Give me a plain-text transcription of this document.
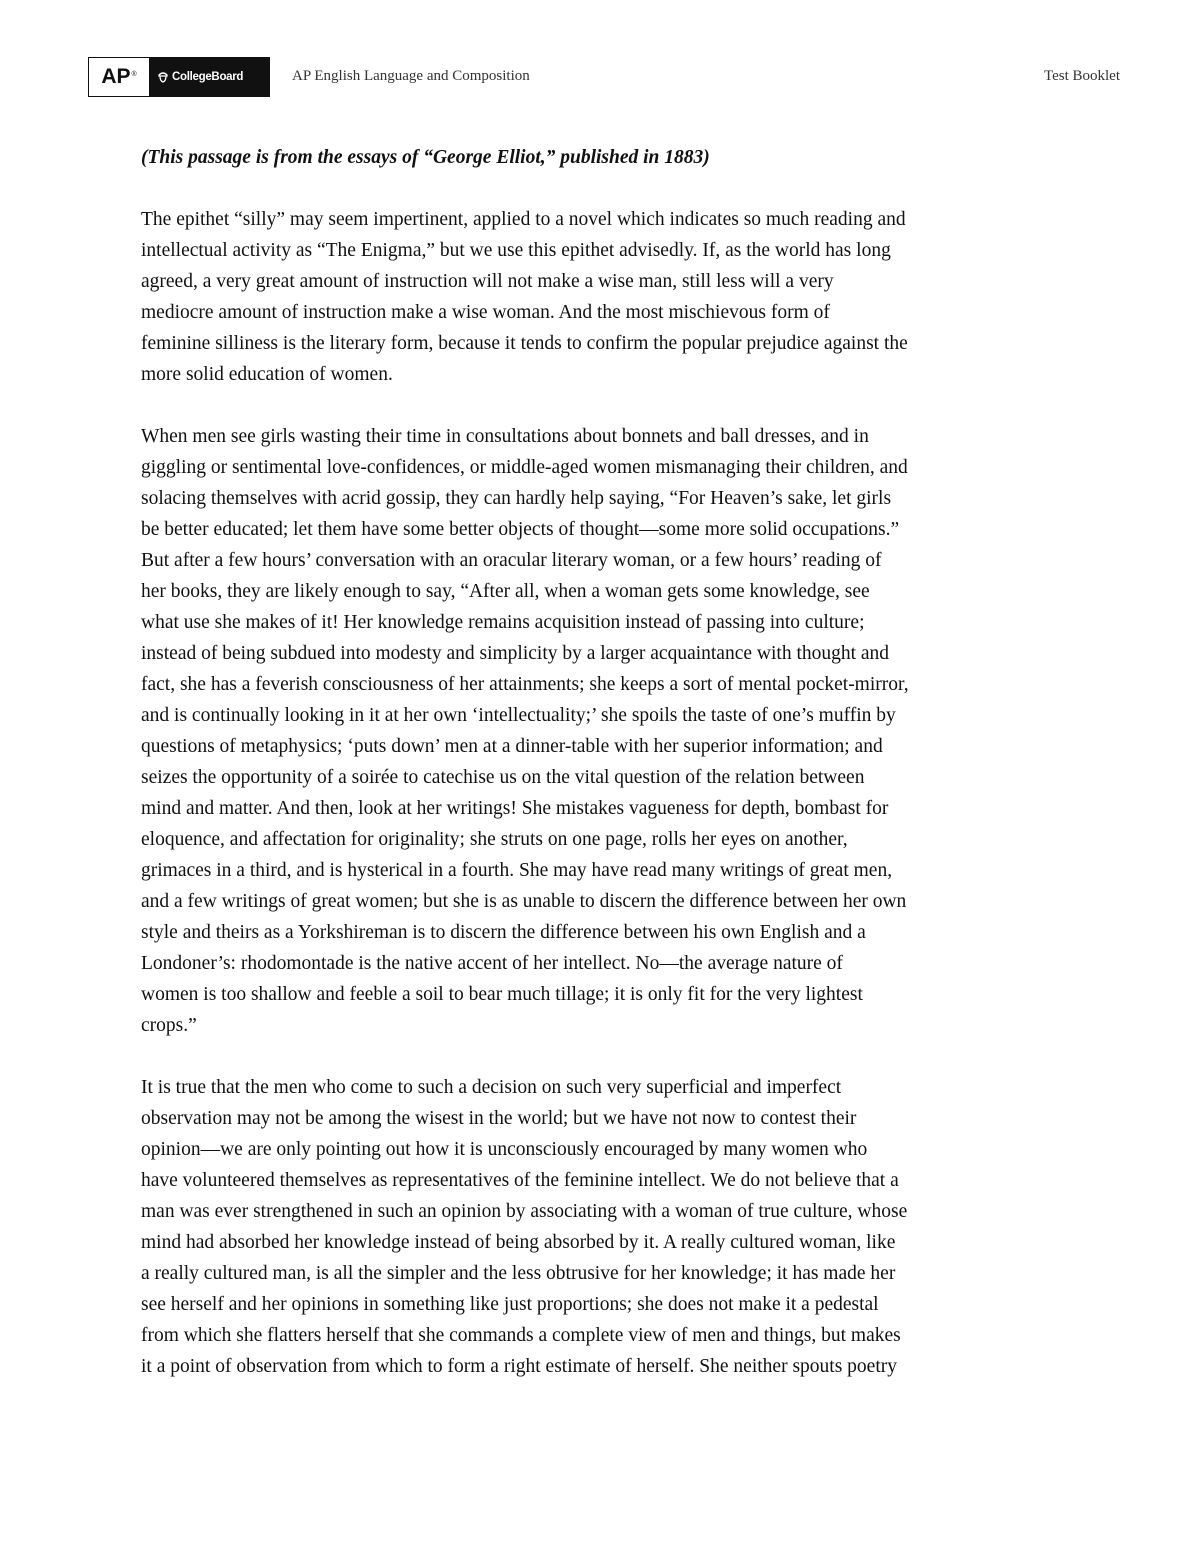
AP®	CollegeBoard	AP English Language and Composition	Test Booklet

(This passage is from the essays of “George Elliot,” published in 1883)

The epithet “silly” may seem impertinent, applied to a novel which indicates so much reading and
intellectual activity as “The Enigma,” but we use this epithet advisedly. If, as the world has long
agreed, a very great amount of instruction will not make a wise man, still less will a very
mediocre amount of instruction make a wise woman. And the most mischievous form of
feminine silliness is the literary form, because it tends to confirm the popular prejudice against the
more solid education of women.
When men see girls wasting their time in consultations about bonnets and ball dresses, and in
giggling or sentimental love-confidences, or middle-aged women mismanaging their children, and
solacing themselves with acrid gossip, they can hardly help saying, “For Heaven’s sake, let girls
be better educated; let them have some better objects of thought—some more solid occupations.”
But after a few hours’ conversation with an oracular literary woman, or a few hours’ reading of
her books, they are likely enough to say, “After all, when a woman gets some knowledge, see
what use she makes of it! Her knowledge remains acquisition instead of passing into culture;
instead of being subdued into modesty and simplicity by a larger acquaintance with thought and
fact, she has a feverish consciousness of her attainments; she keeps a sort of mental pocket-mirror,
and is continually looking in it at her own ‘intellectuality;’ she spoils the taste of one’s muffin by
questions of metaphysics; ‘puts down’ men at a dinner-table with her superior information; and
seizes the opportunity of a soirée to catechise us on the vital question of the relation between
mind and matter. And then, look at her writings! She mistakes vagueness for depth, bombast for
eloquence, and affectation for originality; she struts on one page, rolls her eyes on another,
grimaces in a third, and is hysterical in a fourth. She may have read many writings of great men,
and a few writings of great women; but she is as unable to discern the difference between her own
style and theirs as a Yorkshireman is to discern the difference between his own English and a
Londoner’s: rhodomontade is the native accent of her intellect. No—the average nature of
women is too shallow and feeble a soil to bear much tillage; it is only fit for the very lightest
crops.”
It is true that the men who come to such a decision on such very superficial and imperfect
observation may not be among the wisest in the world; but we have not now to contest their
opinion—we are only pointing out how it is unconsciously encouraged by many women who
have volunteered themselves as representatives of the feminine intellect. We do not believe that a
man was ever strengthened in such an opinion by associating with a woman of true culture, whose
mind had absorbed her knowledge instead of being absorbed by it. A really cultured woman, like
a really cultured man, is all the simpler and the less obtrusive for her knowledge; it has made her
see herself and her opinions in something like just proportions; she does not make it a pedestal
from which she flatters herself that she commands a complete view of men and things, but makes
it a point of observation from which to form a right estimate of herself. She neither spouts poetry
